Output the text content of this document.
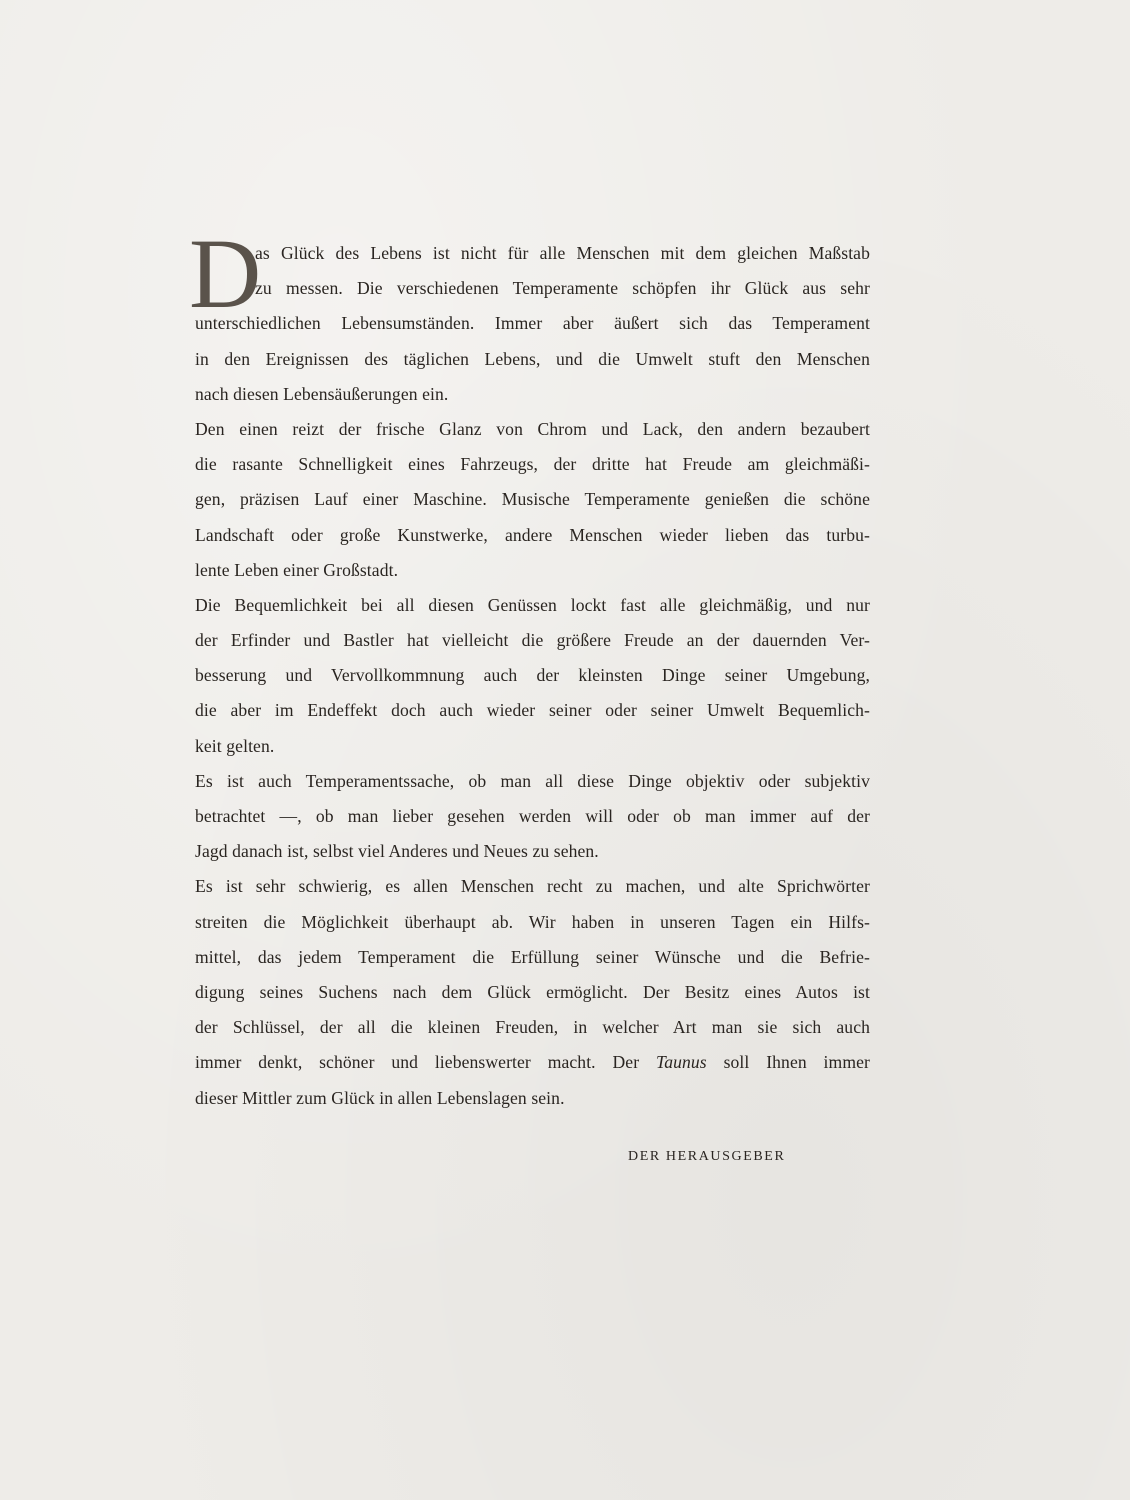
D
as Glück des Lebens ist nicht für alle Menschen mit dem gleichen Maßstab
zu messen. Die verschiedenen Temperamente schöpfen ihr Glück aus sehr
unterschiedlichen Lebensumständen. Immer aber äußert sich das Temperament
in den Ereignissen des täglichen Lebens, und die Umwelt stuft den Menschen
nach diesen Lebensäußerungen ein.
Den einen reizt der frische Glanz von Chrom und Lack, den andern bezaubert
die rasante Schnelligkeit eines Fahrzeugs, der dritte hat Freude am gleichmäßi-
gen, präzisen Lauf einer Maschine. Musische Temperamente genießen die schöne
Landschaft oder große Kunstwerke, andere Menschen wieder lieben das turbu-
lente Leben einer Großstadt.
Die Bequemlichkeit bei all diesen Genüssen lockt fast alle gleichmäßig, und nur
der Erfinder und Bastler hat vielleicht die größere Freude an der dauernden Ver-
besserung und Vervollkommnung auch der kleinsten Dinge seiner Umgebung,
die aber im Endeffekt doch auch wieder seiner oder seiner Umwelt Bequemlich-
keit gelten.
Es ist auch Temperamentssache, ob man all diese Dinge objektiv oder subjektiv
betrachtet —, ob man lieber gesehen werden will oder ob man immer auf der
Jagd danach ist, selbst viel Anderes und Neues zu sehen.
Es ist sehr schwierig, es allen Menschen recht zu machen, und alte Sprichwörter
streiten die Möglichkeit überhaupt ab. Wir haben in unseren Tagen ein Hilfs-
mittel, das jedem Temperament die Erfüllung seiner Wünsche und die Befrie-
digung seines Suchens nach dem Glück ermöglicht. Der Besitz eines Autos ist
der Schlüssel, der all die kleinen Freuden, in welcher Art man sie sich auch
immer denkt, schöner und liebenswerter macht. Der Taunus soll Ihnen immer
dieser Mittler zum Glück in allen Lebenslagen sein.
DER HERAUSGEBER
